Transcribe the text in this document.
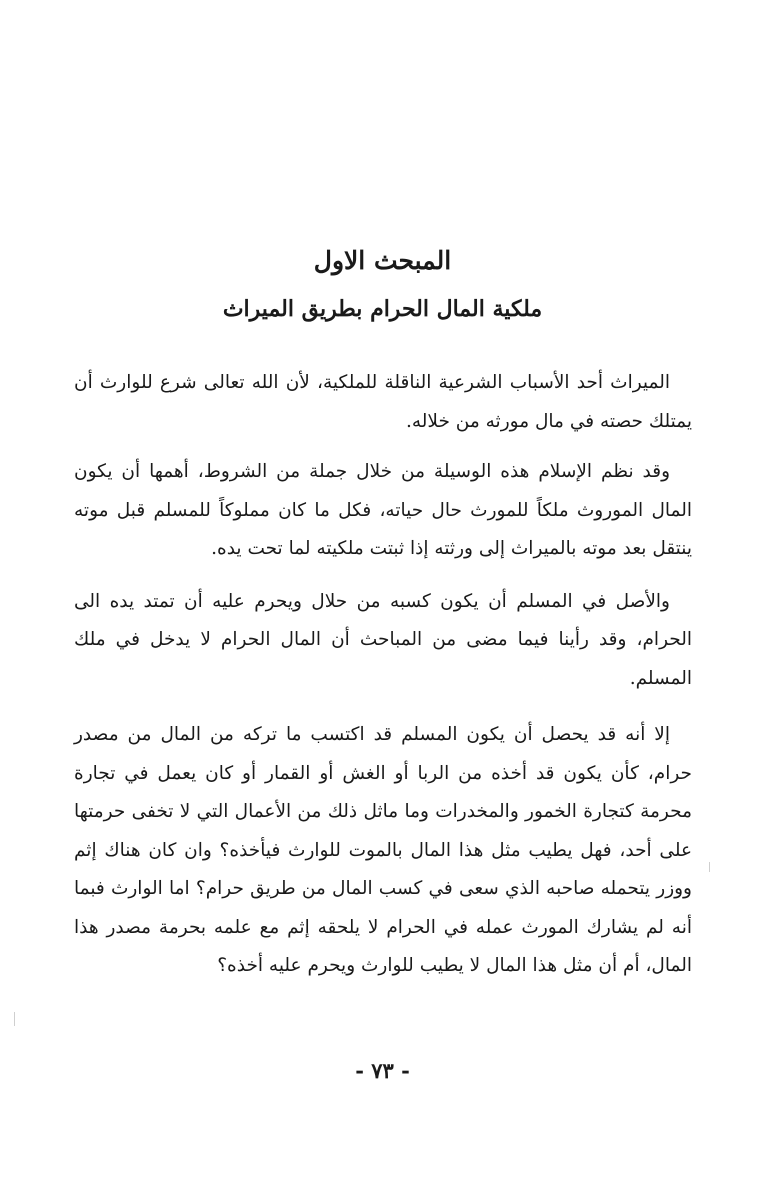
المبحث الاول
ملكية المال الحرام بطريق الميراث

الميراث أحد الأسباب الشرعية الناقلة للملكية، لأن الله تعالى شرع للوارث أن يمتلك حصته في مال مورثه من خلاله.

وقد نظم الإسلام هذه الوسيلة من خلال جملة من الشروط، أهمها أن يكون المال الموروث ملكاً للمورث حال حياته، فكل ما كان مملوكاً للمسلم قبل موته ينتقل بعد موته بالميراث إلى ورثته إذا ثبتت ملكيته لما تحت يده.

والأصل في المسلم أن يكون كسبه من حلال ويحرم عليه أن تمتد يده الى الحرام، وقد رأينا فيما مضى من المباحث أن المال الحرام لا يدخل في ملك المسلم.

إلا أنه قد يحصل أن يكون المسلم قد اكتسب ما تركه من المال من مصدر حرام، كأن يكون قد أخذه من الربا أو الغش أو القمار أو كان يعمل في تجارة محرمة كتجارة الخمور والمخدرات وما ماثل ذلك من الأعمال التي لا تخفى حرمتها على أحد، فهل يطيب مثل هذا المال بالموت للوارث فيأخذه؟ وان كان هناك إثم ووزر يتحمله صاحبه الذي سعى في كسب المال من طريق حرام؟ اما الوارث فبما أنه لم يشارك المورث عمله في الحرام لا يلحقه إثم مع علمه بحرمة مصدر هذا المال، أم أن مثل هذا المال لا يطيب للوارث ويحرم عليه أخذه؟

- ٧٣ -
